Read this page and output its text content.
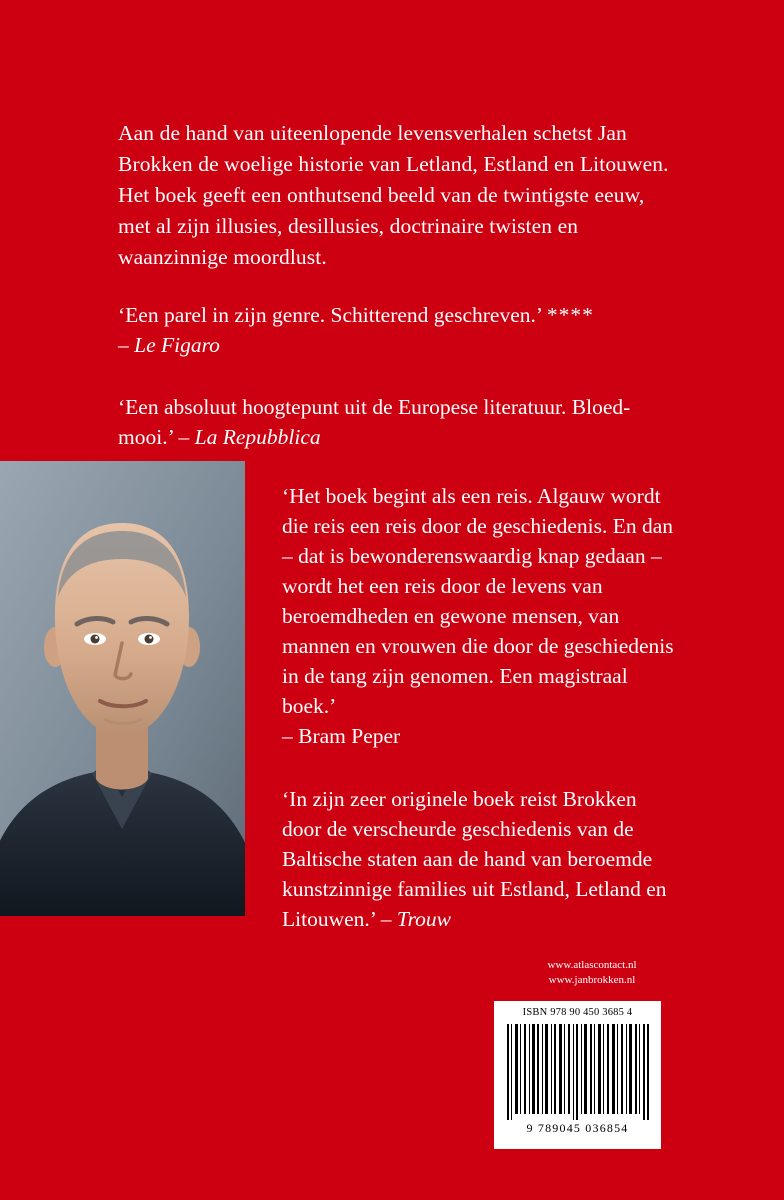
Aan de hand van uiteenlopende levensverhalen schetst Jan Brokken de woelige historie van Letland, Estland en Litouwen. Het boek geeft een onthutsend beeld van de twintigste eeuw, met al zijn illusies, desillusies, doctrinaire twisten en waanzinnige moordlust.

‘Een parel in zijn genre. Schitterend geschreven.’ ****
– Le Figaro

‘Een absoluut hoogtepunt uit de Europese literatuur. Bloed-mooi.’ – La Repubblica

‘Het boek begint als een reis. Algauw wordt die reis een reis door de geschiedenis. En dan – dat is bewonderenswaardig knap gedaan – wordt het een reis door de levens van beroemdheden en gewone mensen, van mannen en vrouwen die door de geschiedenis in de tang zijn genomen. Een magistraal boek.’
– Bram Peper

‘In zijn zeer originele boek reist Brokken door de verscheurde geschiedenis van de Baltische staten aan de hand van beroemde kunstzinnige families uit Estland, Letland en Litouwen.’ – Trouw

www.atlascontact.nl
www.janbrokken.nl
ISBN 978 90 450 3685 4
9 789045 036854
